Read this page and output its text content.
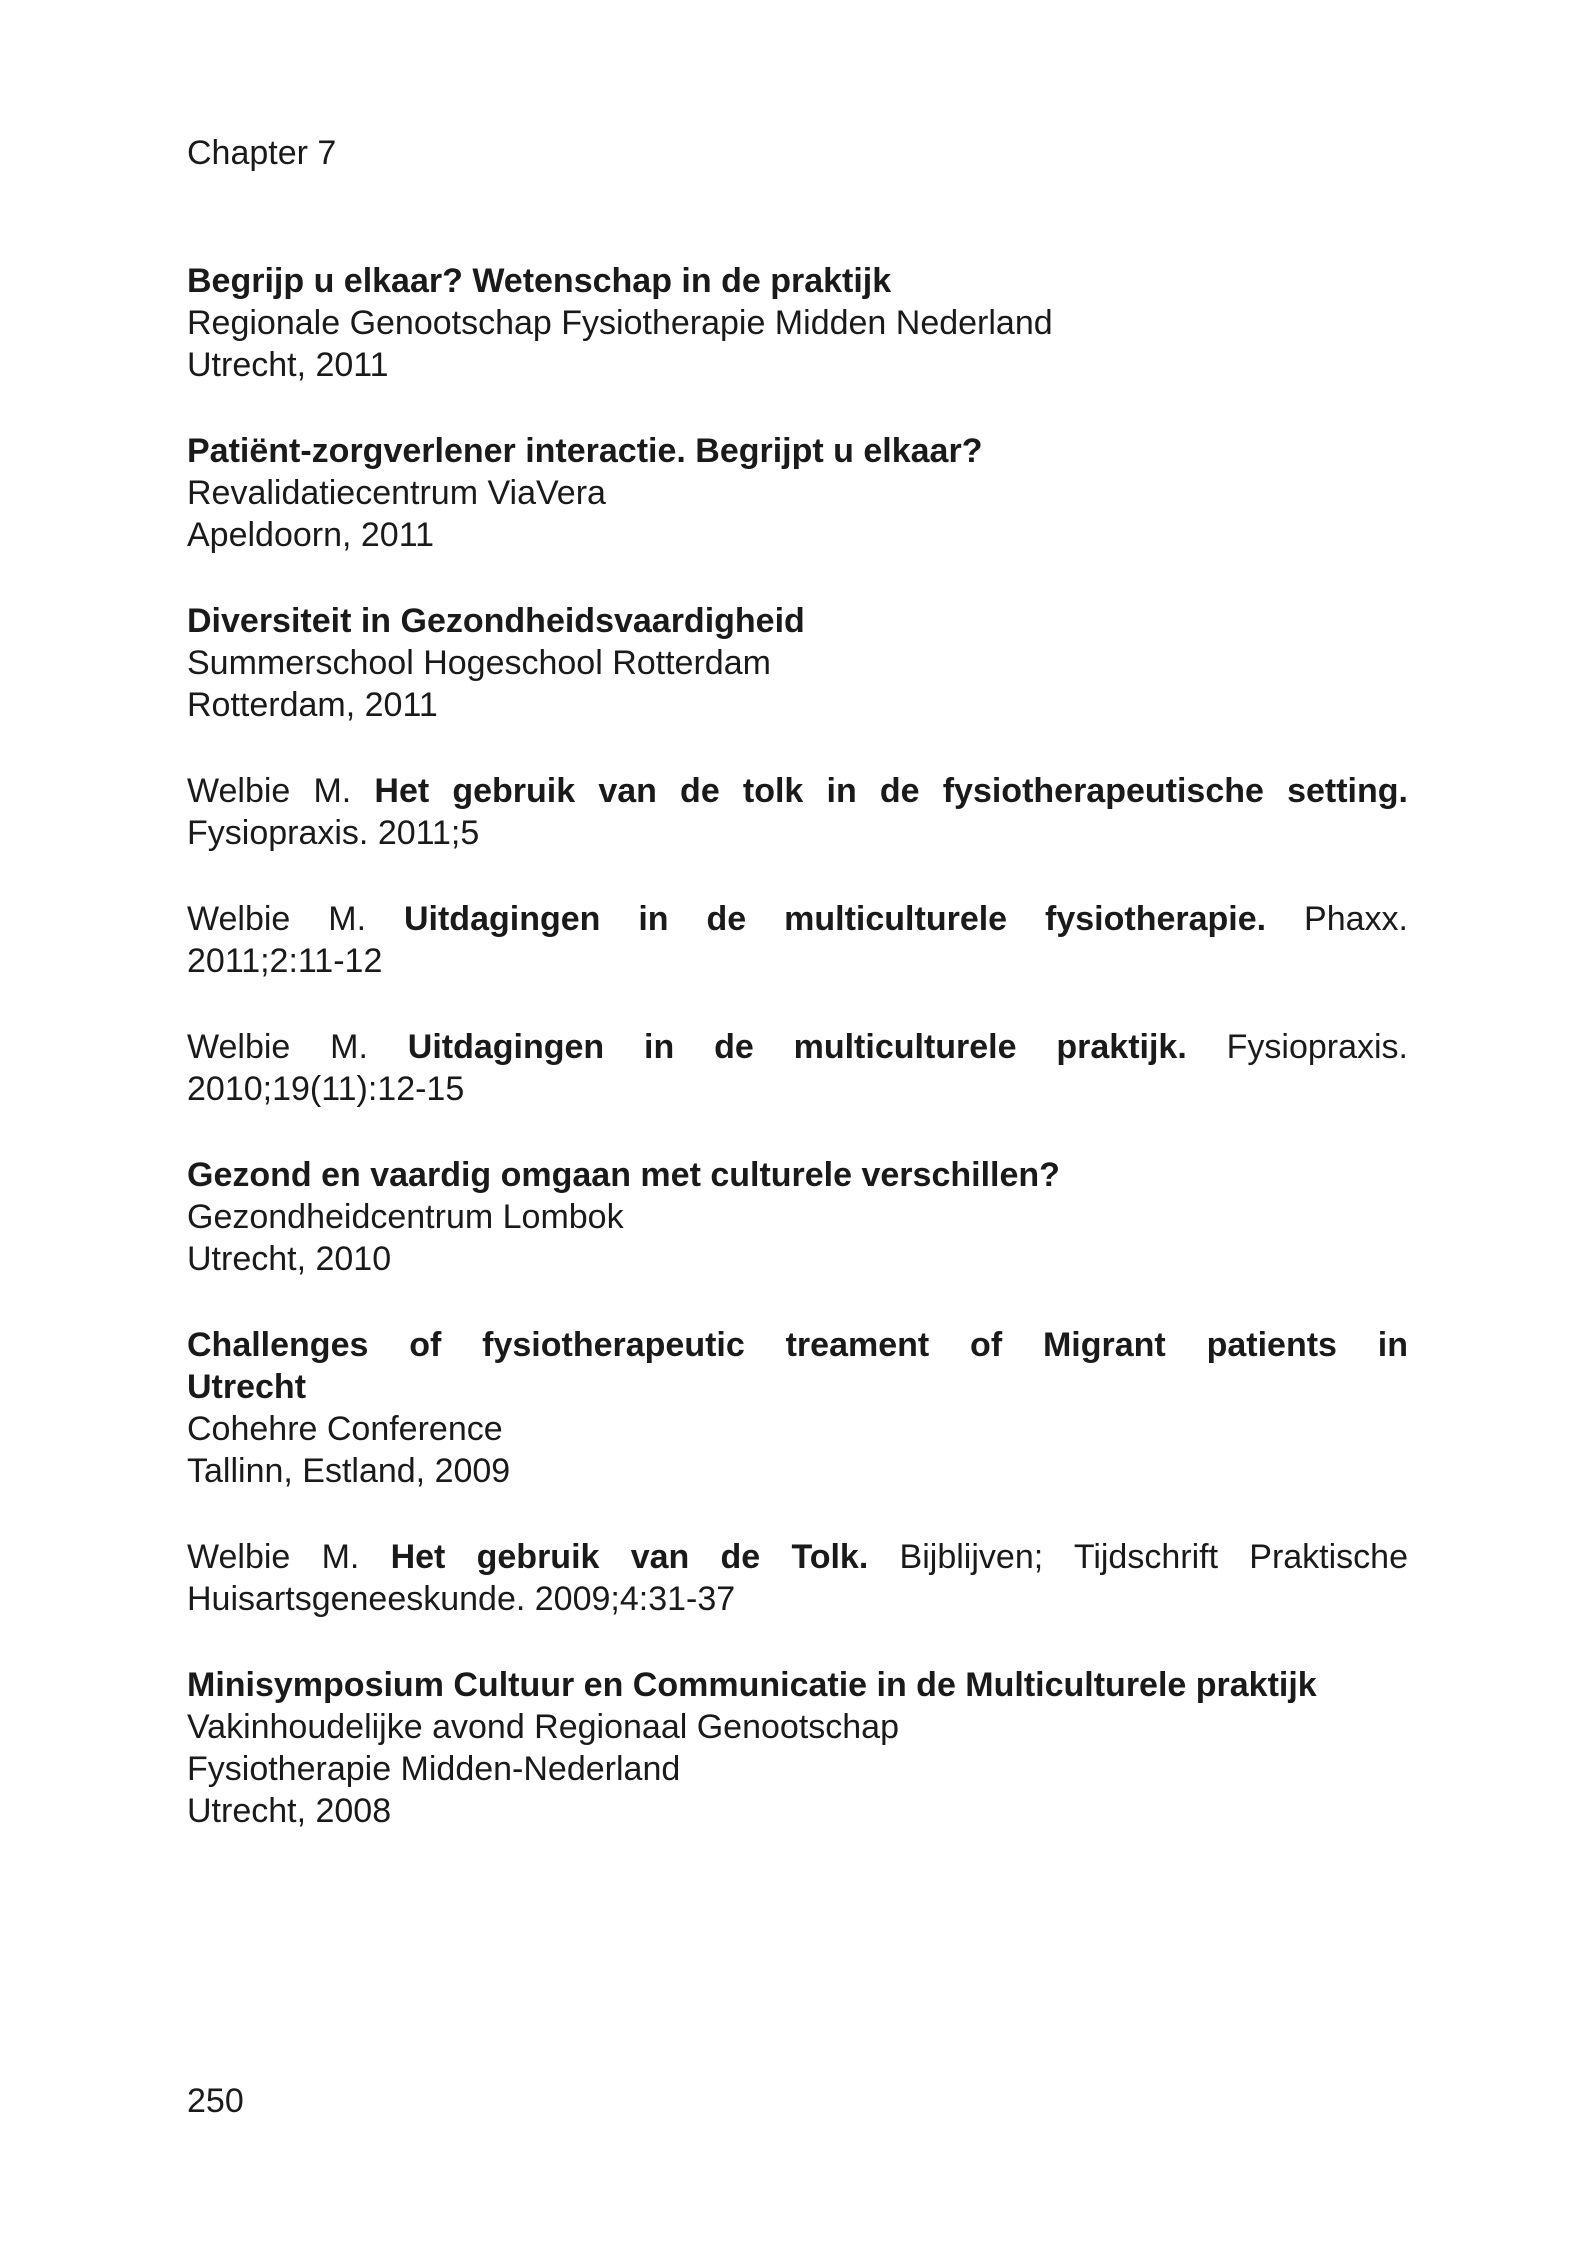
Chapter 7
Begrijp u elkaar? Wetenschap in de praktijk
Regionale Genootschap Fysiotherapie Midden Nederland
Utrecht, 2011
Patiënt-zorgverlener interactie. Begrijpt u elkaar?
Revalidatiecentrum ViaVera
Apeldoorn, 2011
Diversiteit in Gezondheidsvaardigheid
Summerschool Hogeschool Rotterdam
Rotterdam, 2011
Welbie M. Het gebruik van de tolk in de fysiotherapeutische setting.
Fysiopraxis. 2011;5
Welbie M. Uitdagingen in de multiculturele fysiotherapie. Phaxx.
2011;2:11-12
Welbie M. Uitdagingen in de multiculturele praktijk. Fysiopraxis.
2010;19(11):12-15
Gezond en vaardig omgaan met culturele verschillen?
Gezondheidcentrum Lombok
Utrecht, 2010
Challenges of fysiotherapeutic treament of Migrant patients in
Utrecht
Cohehre Conference
Tallinn, Estland, 2009
Welbie M. Het gebruik van de Tolk. Bijblijven; Tijdschrift Praktische
Huisartsgeneeskunde. 2009;4:31-37
Minisymposium Cultuur en Communicatie in de Multiculturele praktijk
Vakinhoudelijke avond Regionaal Genootschap
Fysiotherapie Midden-Nederland
Utrecht, 2008
250
